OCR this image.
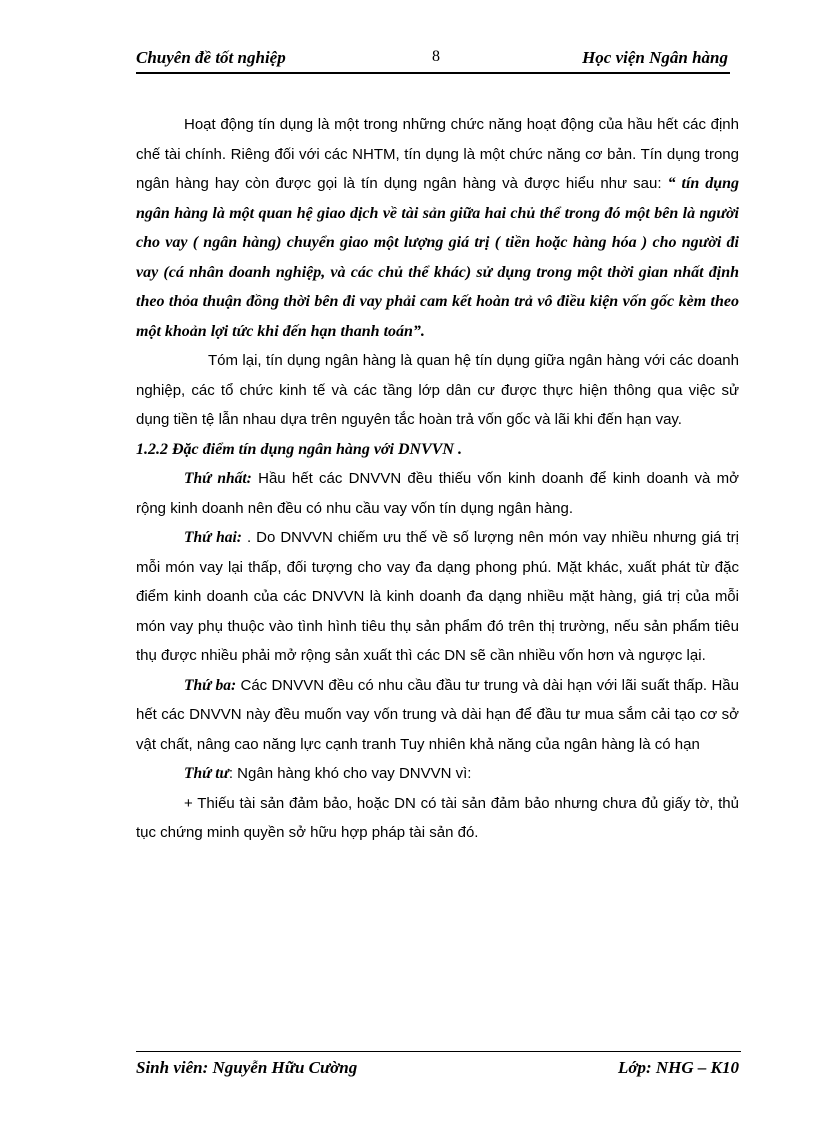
Chuyên đề tốt nghiệp	8	Học viện Ngân hàng

Hoạt động tín dụng là một trong những chức năng hoạt động của hầu hết các định chế tài chính. Riêng đối với các NHTM, tín dụng là một chức năng cơ bản. Tín dụng trong ngân hàng hay còn được gọi là tín dụng ngân hàng và được hiểu như sau: “ tín dụng ngân hàng là một quan hệ giao dịch về tài sản giữa hai chủ thể trong đó một bên là người cho vay ( ngân hàng) chuyển giao một lượng giá trị ( tiền hoặc hàng hóa ) cho người đi vay (cá nhân doanh nghiệp, và các chủ thể khác) sử dụng trong một thời gian nhất định theo thỏa thuận đồng thời bên đi vay phải cam kết hoàn trả vô điều kiện vốn gốc kèm theo một khoản lợi tức khi đến hạn thanh toán”.

Tóm lại, tín dụng ngân hàng là quan hệ tín dụng giữa ngân hàng với các doanh nghiệp, các tổ chức kinh tế và các tầng lớp dân cư được thực hiện thông qua việc sử dụng tiền tệ lẫn nhau dựa trên nguyên tắc hoàn trả vốn gốc và lãi khi đến hạn vay.

1.2.2 Đặc điểm tín dụng ngân hàng với DNVVN .

Thứ nhất: Hầu hết các DNVVN đều thiếu vốn kinh doanh để kinh doanh và mở rộng kinh doanh nên đều có nhu cầu vay vốn tín dụng ngân hàng.

Thứ hai: . Do DNVVN chiếm ưu thế về số lượng nên món vay nhiều nhưng giá trị mỗi món vay lại thấp, đối tượng cho vay đa dạng phong phú. Mặt khác, xuất phát từ đặc điểm kinh doanh của các DNVVN là kinh doanh đa dạng nhiều mặt hàng, giá trị của mỗi món vay phụ thuộc vào tình hình tiêu thụ sản phẩm đó trên thị trường, nếu sản phẩm tiêu thụ được nhiều phải mở rộng sản xuất thì các DN sẽ cần nhiều vốn hơn và ngược lại.

Thứ ba: Các DNVVN đều có nhu cầu đầu tư trung và dài hạn với lãi suất thấp. Hầu hết các DNVVN này đều muốn vay vốn trung và dài hạn để đầu tư mua sắm cải tạo cơ sở vật chất, nâng cao năng lực cạnh tranh Tuy nhiên khả năng của ngân hàng là có hạn

Thứ tư: Ngân hàng khó cho vay DNVVN vì:

+ Thiếu tài sản đảm bảo, hoặc DN có tài sản đảm bảo nhưng chưa đủ giấy tờ, thủ tục chứng minh quyền sở hữu hợp pháp tài sản đó.

Sinh viên: Nguyễn Hữu Cường	Lớp: NHG – K10
